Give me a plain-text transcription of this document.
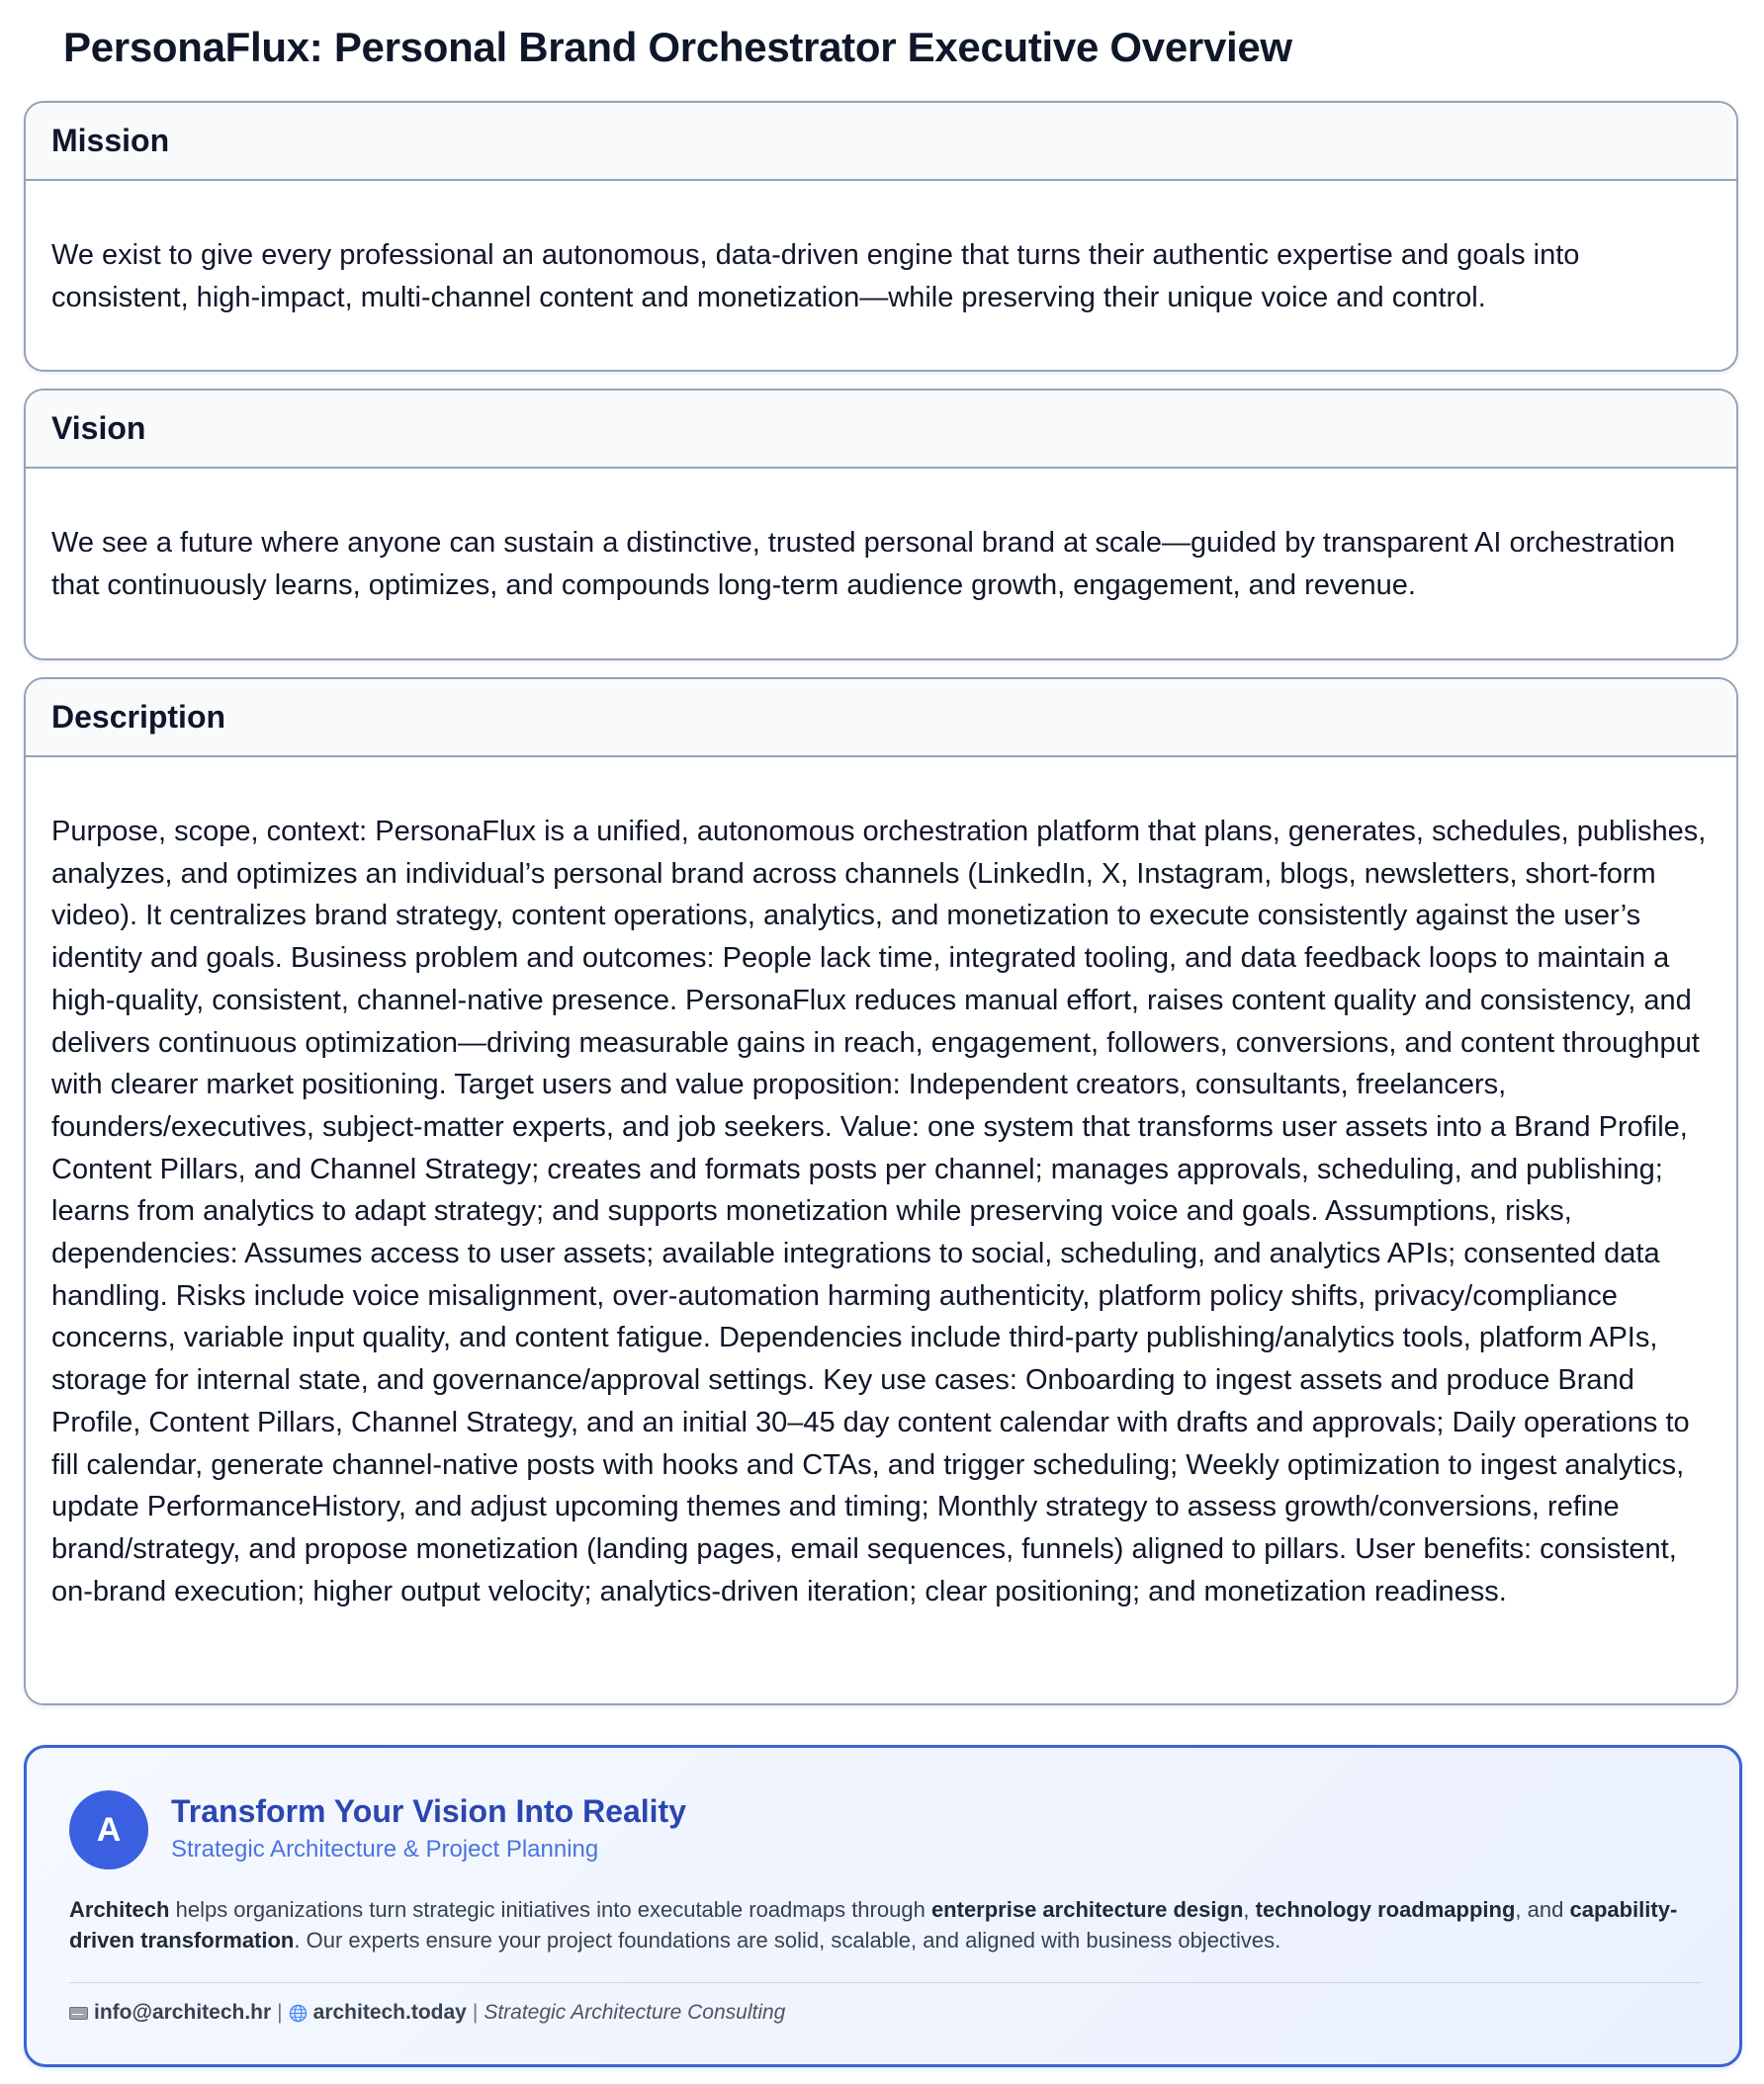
PersonaFlux: Personal Brand Orchestrator Executive Overview
Mission

We exist to give every professional an autonomous, data-driven engine that turns their authentic expertise and goals into consistent, high-impact, multi-channel content and monetization—while preserving their unique voice and control.

Vision

We see a future where anyone can sustain a distinctive, trusted personal brand at scale—guided by transparent AI orchestration that continuously learns, optimizes, and compounds long-term audience growth, engagement, and revenue.

Description

Purpose, scope, context: PersonaFlux is a unified, autonomous orchestration platform that plans, generates, schedules, publishes, analyzes, and optimizes an individual’s personal brand across channels (LinkedIn, X, Instagram, blogs, newsletters, short-form video). It centralizes brand strategy, content operations, analytics, and monetization to execute consistently against the user’s identity and goals. Business problem and outcomes: People lack time, integrated tooling, and data feedback loops to maintain a high-quality, consistent, channel-native presence. PersonaFlux reduces manual effort, raises content quality and consistency, and delivers continuous optimization—driving measurable gains in reach, engagement, followers, conversions, and content throughput with clearer market positioning. Target users and value proposition: Independent creators, consultants, freelancers, founders/executives, subject-matter experts, and job seekers. Value: one system that transforms user assets into a Brand Profile, Content Pillars, and Channel Strategy; creates and formats posts per channel; manages approvals, scheduling, and publishing; learns from analytics to adapt strategy; and supports monetization while preserving voice and goals. Assumptions, risks, dependencies: Assumes access to user assets; available integrations to social, scheduling, and analytics APIs; consented data handling. Risks include voice misalignment, over-automation harming authenticity, platform policy shifts, privacy/compliance concerns, variable input quality, and content fatigue. Dependencies include third-party publishing/analytics tools, platform APIs, storage for internal state, and governance/approval settings. Key use cases: Onboarding to ingest assets and produce Brand Profile, Content Pillars, Channel Strategy, and an initial 30–45 day content calendar with drafts and approvals; Daily operations to fill calendar, generate channel-native posts with hooks and CTAs, and trigger scheduling; Weekly optimization to ingest analytics, update PerformanceHistory, and adjust upcoming themes and timing; Monthly strategy to assess growth/conversions, refine brand/strategy, and propose monetization (landing pages, email sequences, funnels) aligned to pillars. User benefits: consistent, on-brand execution; higher output velocity; analytics-driven iteration; clear positioning; and monetization readiness.

A	Transform Your Vision Into Reality
Strategic Architecture & Project Planning

Architech helps organizations turn strategic initiatives into executable roadmaps through enterprise architecture design, technology roadmapping, and capability-driven transformation. Our experts ensure your project foundations are solid, scalable, and aligned with business objectives.

info@architech.hr | architech.today | Strategic Architecture Consulting
